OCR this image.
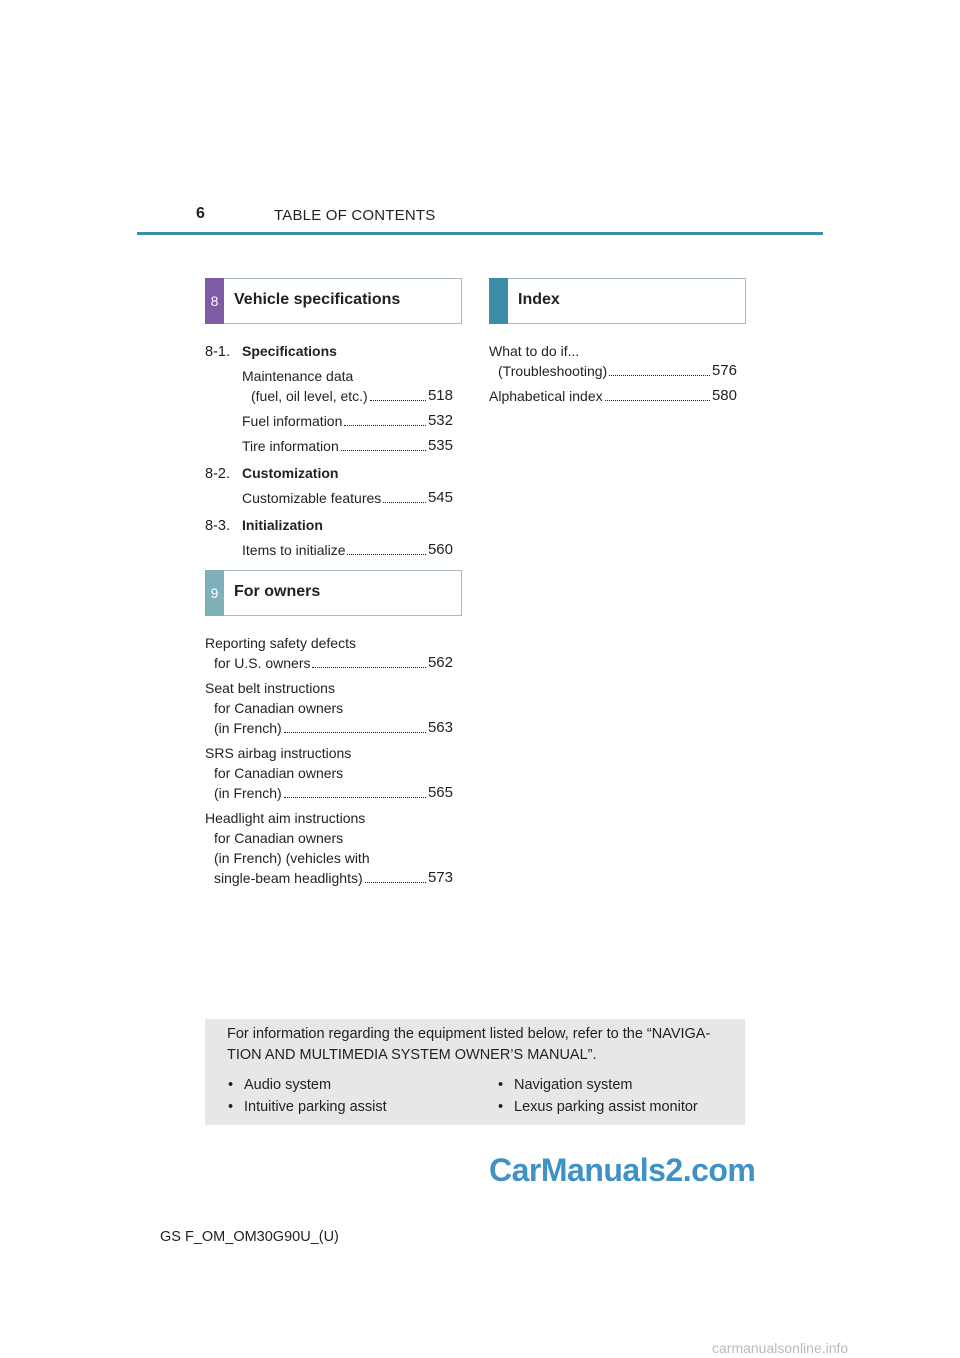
6	TABLE OF CONTENTS
8 Vehicle specifications	Index
8-1. Specifications
Maintenance data
(fuel, oil level, etc.)	518
Fuel information	532
Tire information	535
8-2. Customization
Customizable features	545
8-3. Initialization
Items to initialize	560
What to do if...
(Troubleshooting)	576
Alphabetical index	580
9 For owners
Reporting safety defects
for U.S. owners	562
Seat belt instructions
for Canadian owners
(in French)	563
SRS airbag instructions
for Canadian owners
(in French)	565
Headlight aim instructions
for Canadian owners
(in French) (vehicles with
single-beam headlights)	573
For information regarding the equipment listed below, refer to the “NAVIGA-TION AND MULTIMEDIA SYSTEM OWNER’S MANUAL”.
• Audio system
• Intuitive parking assist
• Navigation system
• Lexus parking assist monitor
CarManuals2.com
GS F_OM_OM30G90U_(U)
carmanualsonline.info
